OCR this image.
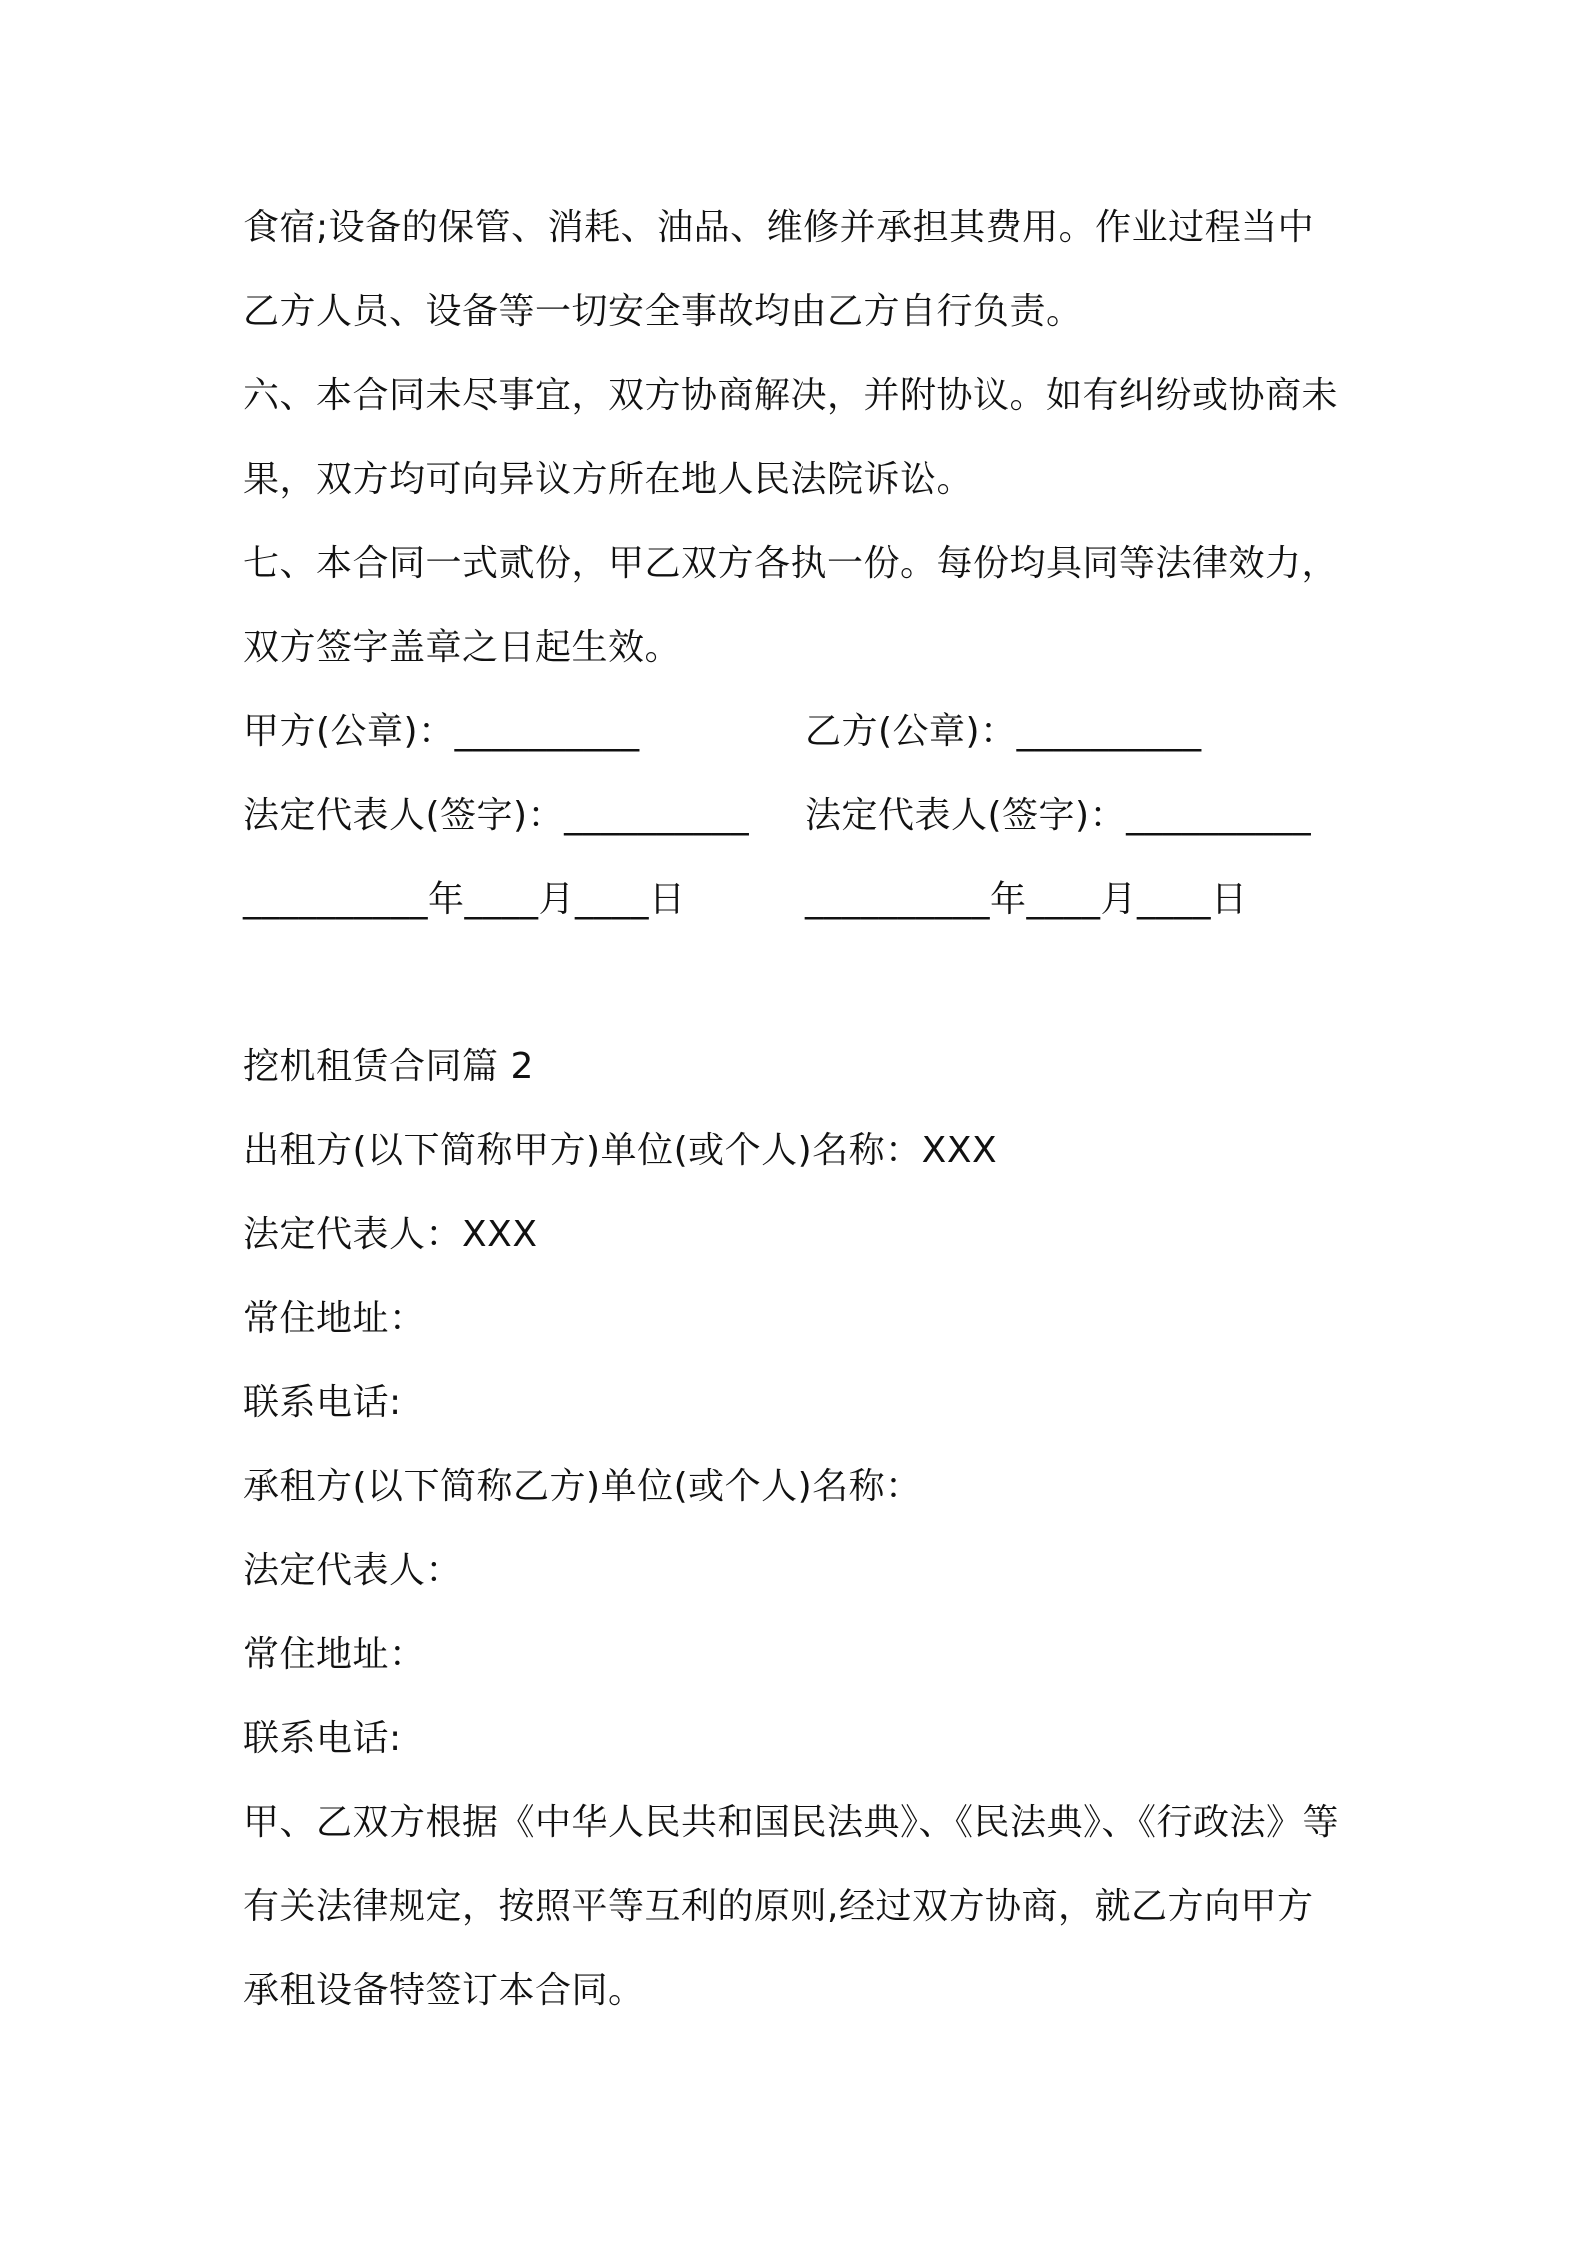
食宿;设备的保管、消耗、油品、维修并承担其费用。作业过程当中
乙方人员、设备等一切安全事故均由乙方自行负责。
六、本合同未尽事宜，双方协商解决，并附协议。如有纠纷或协商未
果，双方均可向异议方所在地人民法院诉讼。
七、本合同一式贰份，甲乙双方各执一份。每份均具同等法律效力，
双方签字盖章之日起生效。
甲方(公章)：__________	乙方(公章)：__________
法定代表人(签字)：__________ 法定代表人(签字)：__________
__________年____月____日	__________年____月____日
挖机租赁合同篇 2
出租方(以下简称甲方)单位(或个人)名称：XXX
法定代表人：XXX
常住地址：
联系电话:
承租方(以下简称乙方)单位(或个人)名称：
法定代表人：
常住地址：
联系电话:
甲、乙双方根据《中华人民共和国民法典》、《民法典》、《行政法》等
有关法律规定，按照平等互利的原则,经过双方协商，就乙方向甲方
承租设备特签订本合同。
